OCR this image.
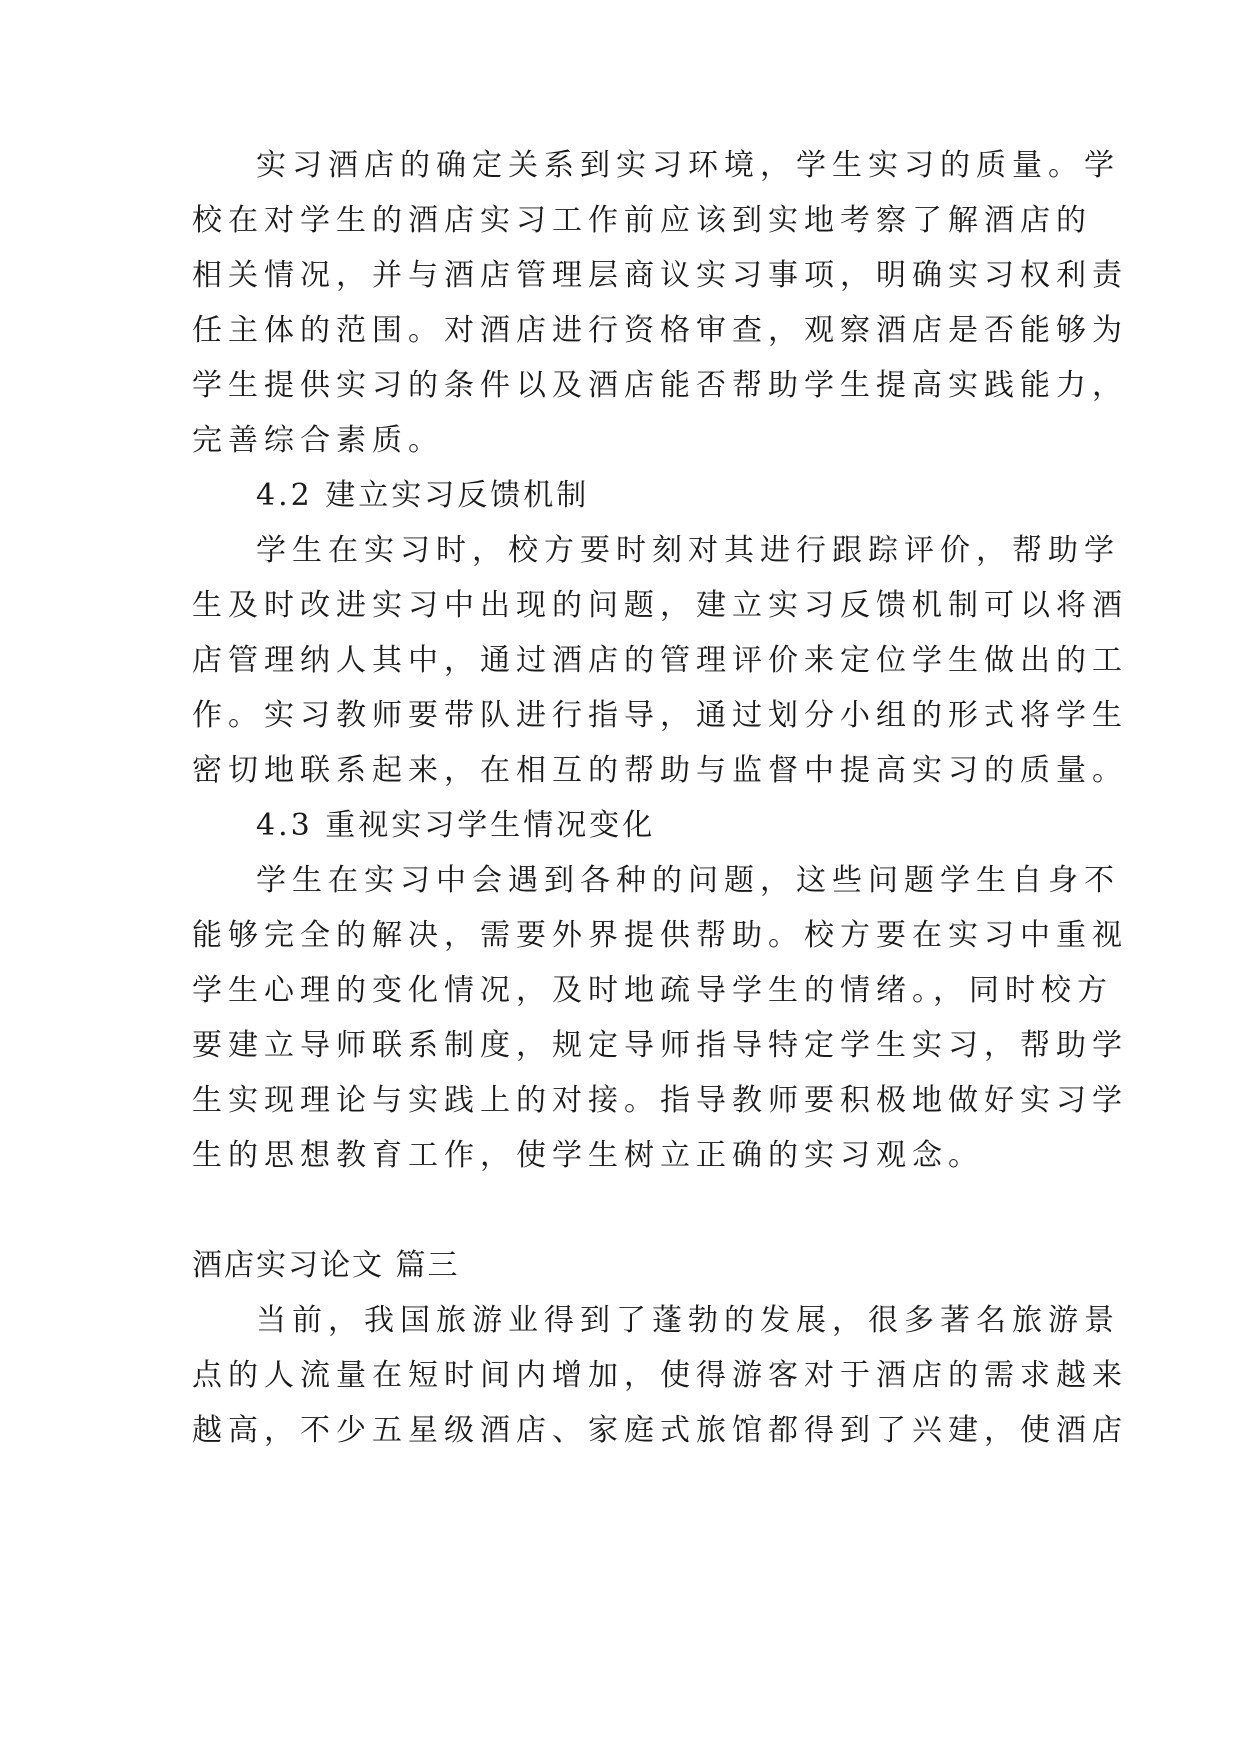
实习酒店的确定关系到实习环境，学生实习的质量。学
校在对学生的酒店实习工作前应该到实地考察了解酒店的
相关情况，并与酒店管理层商议实习事项，明确实习权利责
任主体的范围。对酒店进行资格审查，观察酒店是否能够为
学生提供实习的条件以及酒店能否帮助学生提高实践能力，
完善综合素质。
4.2 建立实习反馈机制
学生在实习时，校方要时刻对其进行跟踪评价，帮助学
生及时改进实习中出现的问题，建立实习反馈机制可以将酒
店管理纳人其中，通过酒店的管理评价来定位学生做出的工
作。实习教师要带队进行指导，通过划分小组的形式将学生
密切地联系起来，在相互的帮助与监督中提高实习的质量。
4.3 重视实习学生情况变化
学生在实习中会遇到各种的问题，这些问题学生自身不
能够完全的解决，需要外界提供帮助。校方要在实习中重视
学生心理的变化情况，及时地疏导学生的情绪。，同时校方
要建立导师联系制度，规定导师指导特定学生实习，帮助学
生实现理论与实践上的对接。指导教师要积极地做好实习学
生的思想教育工作，使学生树立正确的实习观念。
酒店实习论文 篇三
当前，我国旅游业得到了蓬勃的发展，很多著名旅游景
点的人流量在短时间内增加，使得游客对于酒店的需求越来
越高，不少五星级酒店、家庭式旅馆都得到了兴建，使酒店
